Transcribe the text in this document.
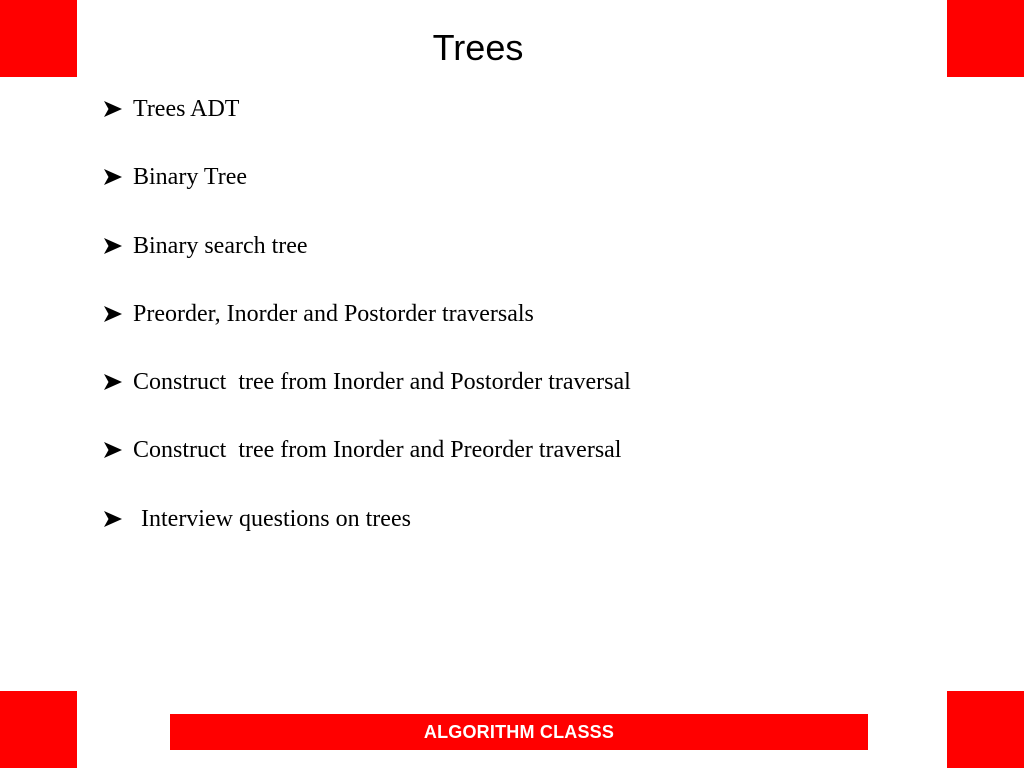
Trees
Trees ADT
Binary Tree
Binary search tree
Preorder, Inorder and Postorder traversals
Construct  tree from Inorder and Postorder traversal
Construct  tree from Inorder and Preorder traversal
Interview questions on trees
ALGORITHM CLASSS
